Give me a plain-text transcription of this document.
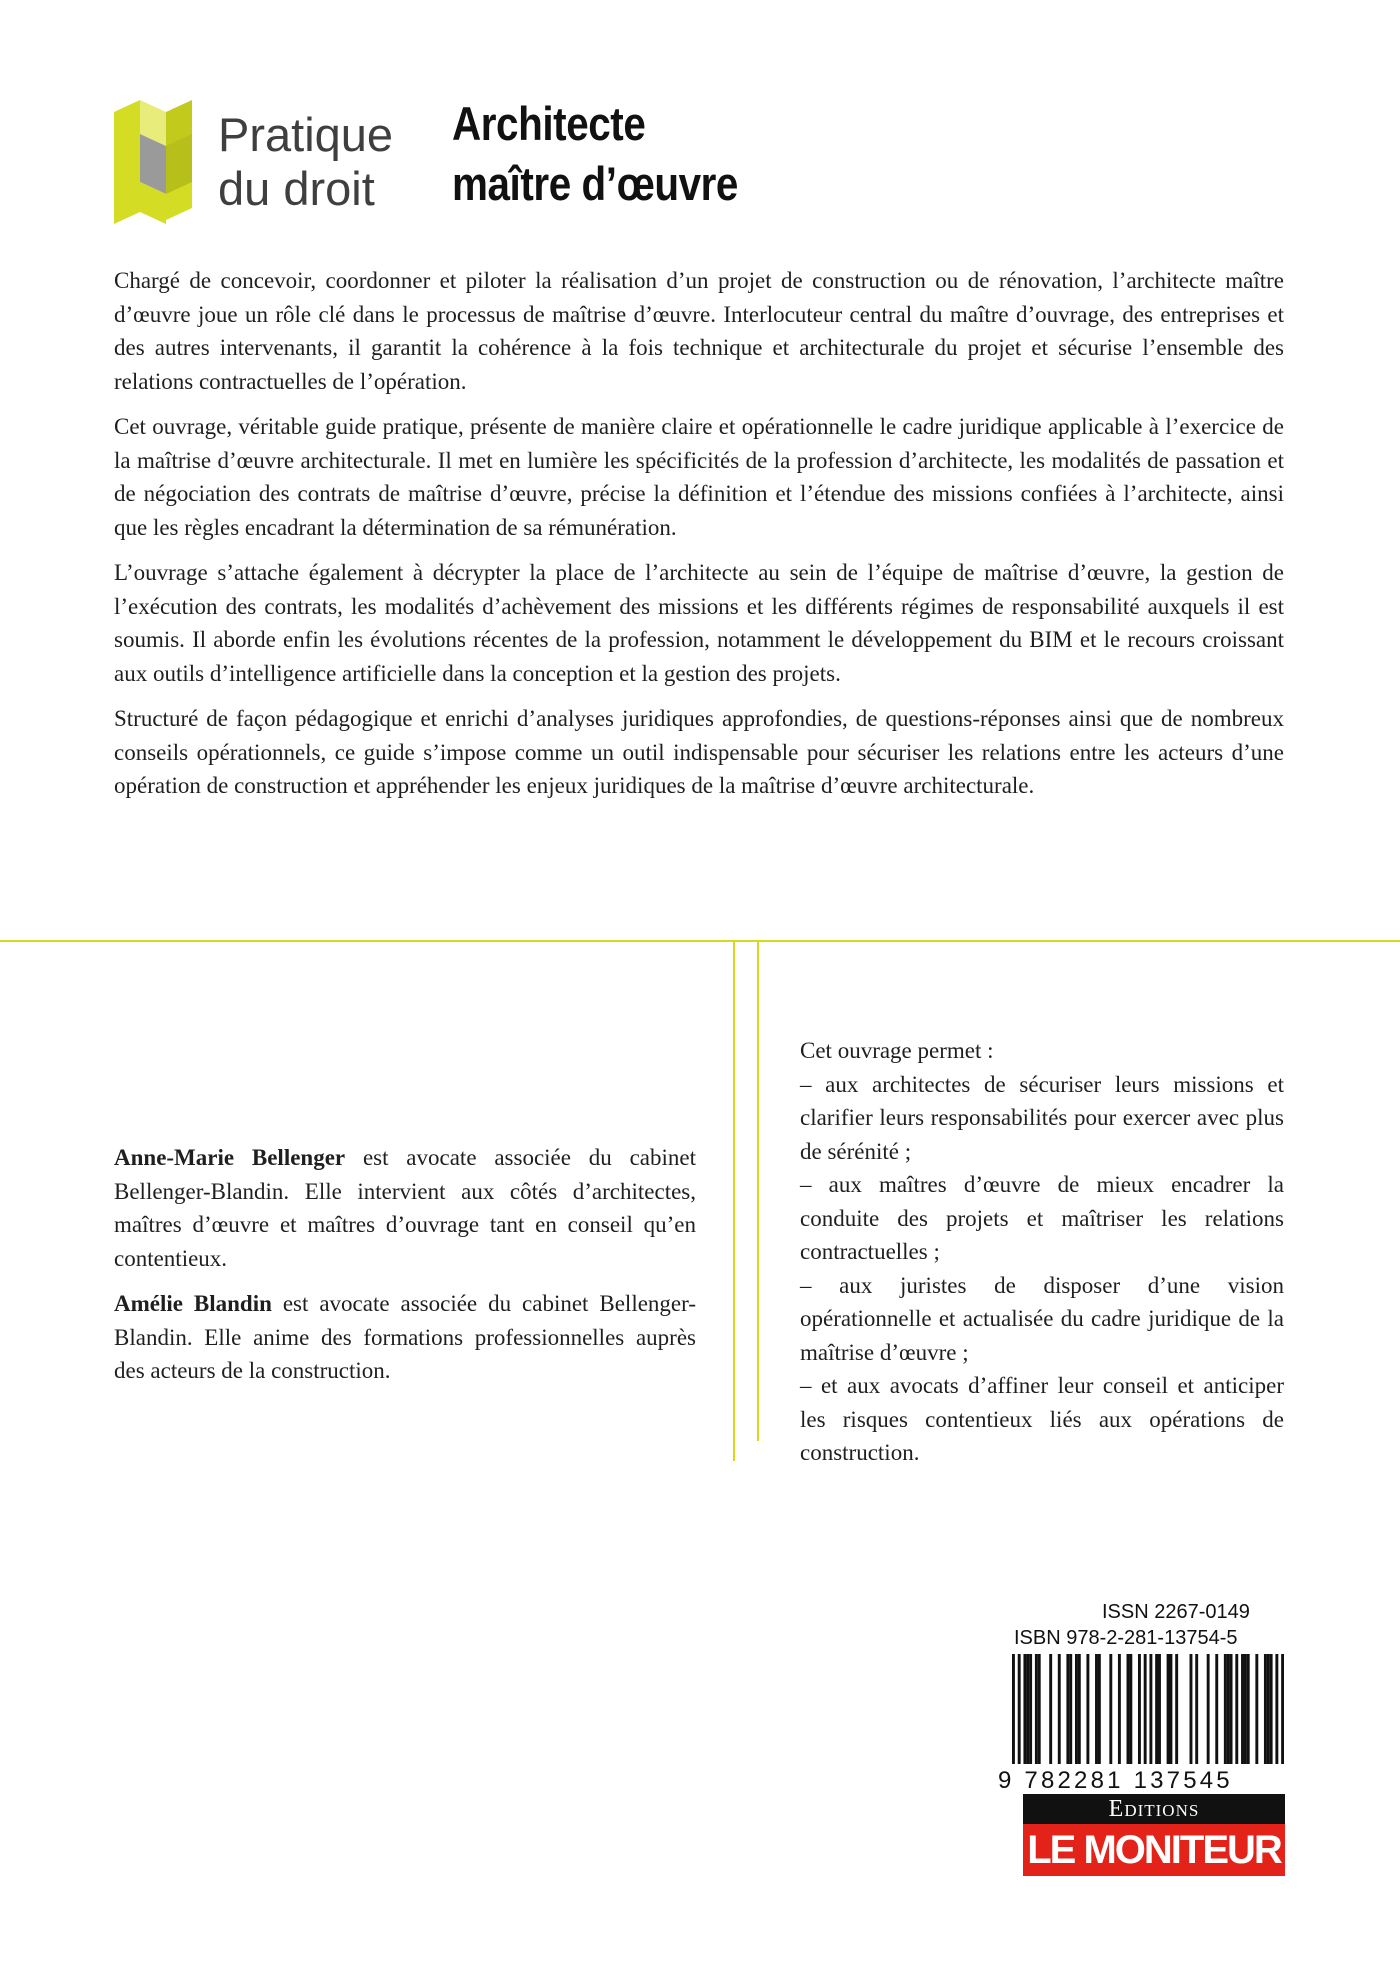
Pratique
du droit
Architecte
maître d’œuvre

Chargé de concevoir, coordonner et piloter la réalisation d’un projet de construction ou de rénovation, l’architecte maître d’œuvre joue un rôle clé dans le processus de maîtrise d’œuvre. Interlocuteur central du maître d’ouvrage, des entreprises et des autres intervenants, il garantit la cohérence à la fois technique et architecturale du projet et sécurise l’ensemble des relations contractuelles de l’opération.

Cet ouvrage, véritable guide pratique, présente de manière claire et opérationnelle le cadre juridique applicable à l’exercice de la maîtrise d’œuvre architecturale. Il met en lumière les spécificités de la profession d’architecte, les modalités de passation et de négociation des contrats de maîtrise d’œuvre, précise la définition et l’étendue des missions confiées à l’architecte, ainsi que les règles encadrant la détermination de sa rémunération.

L’ouvrage s’attache également à décrypter la place de l’architecte au sein de l’équipe de maîtrise d’œuvre, la gestion de l’exécution des contrats, les modalités d’achèvement des missions et les différents régimes de responsabilité auxquels il est soumis. Il aborde enfin les évolutions récentes de la profession, notamment le développement du BIM et le recours croissant aux outils d’intelligence artificielle dans la conception et la gestion des projets.

Structuré de façon pédagogique et enrichi d’analyses juridiques approfondies, de questions-réponses ainsi que de nombreux conseils opérationnels, ce guide s’impose comme un outil indispensable pour sécuriser les relations entre les acteurs d’une opération de construction et appréhender les enjeux juridiques de la maîtrise d’œuvre architecturale.

Anne-Marie Bellenger est avocate associée du cabinet Bellenger-Blandin. Elle intervient aux côtés d’architectes, maîtres d’œuvre et maîtres d’ouvrage tant en conseil qu’en contentieux.

Amélie Blandin est avocate associée du cabinet Bellenger-Blandin. Elle anime des formations professionnelles auprès des acteurs de la construction.

Cet ouvrage permet :
– aux architectes de sécuriser leurs missions et clarifier leurs responsabilités pour exercer avec plus de sérénité ;
– aux maîtres d’œuvre de mieux encadrer la conduite des projets et maîtriser les relations contractuelles ;
– aux juristes de disposer d’une vision opérationnelle et actualisée du cadre juridique de la maîtrise d’œuvre ;
– et aux avocats d’affiner leur conseil et anticiper les risques contentieux liés aux opérations de construction.
ISSN 2267-0149
ISBN 978-2-281-13754-5
9 782281 137545
EDITIONS
LE MONITEUR
